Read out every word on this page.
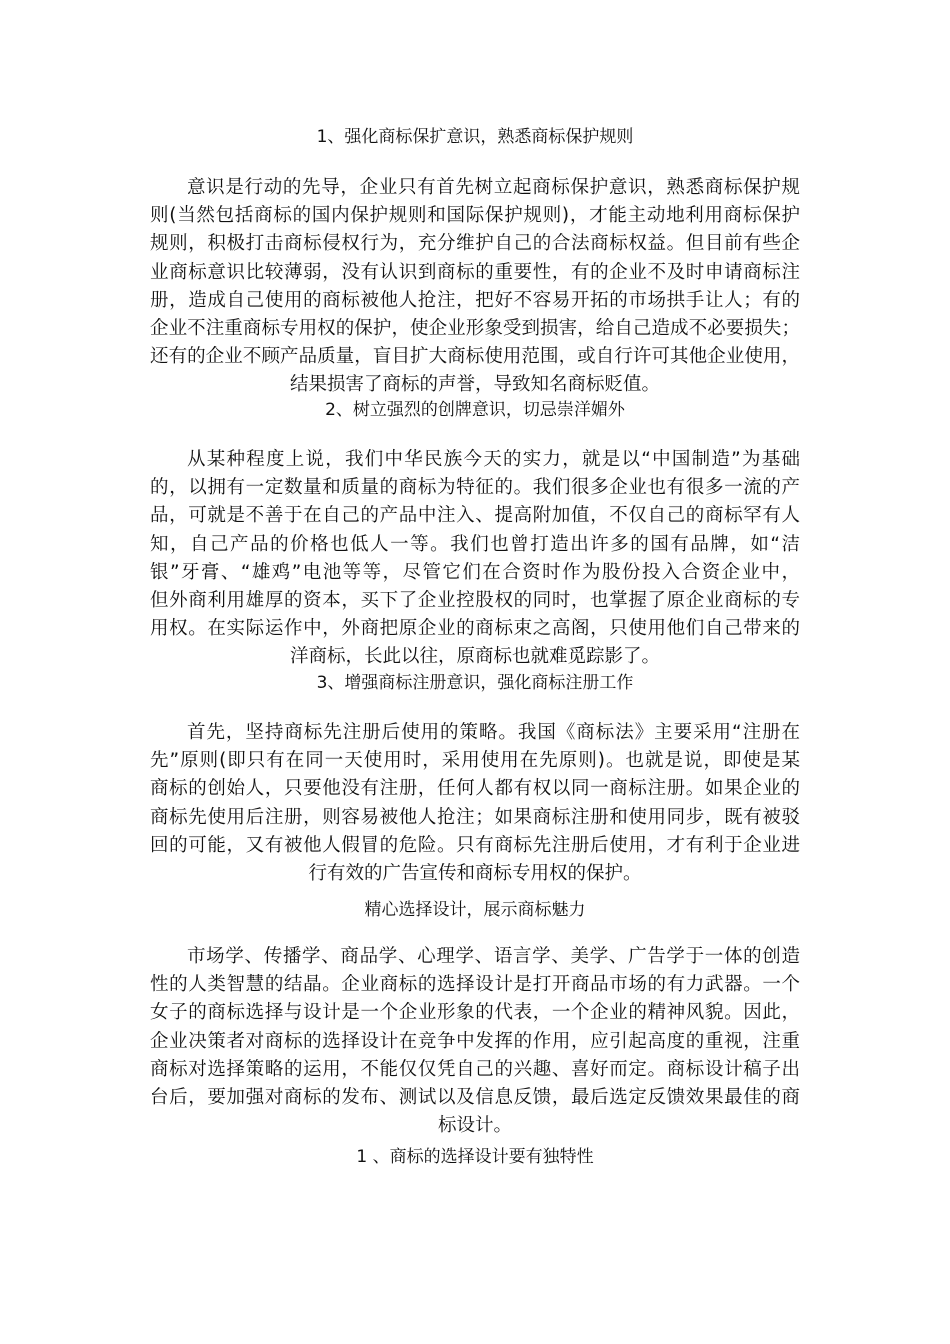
1、强化商标保扩意识，熟悉商标保护规则
意识是行动的先导，企业只有首先树立起商标保护意识，熟悉商标保护规
则(当然包括商标的国内保护规则和国际保护规则)，才能主动地利用商标保护
规则，积极打击商标侵权行为，充分维护自己的合法商标权益。但目前有些企
业商标意识比较薄弱，没有认识到商标的重要性，有的企业不及时申请商标注
册，造成自己使用的商标被他人抢注，把好不容易开拓的市场拱手让人；有的
企业不注重商标专用权的保护，使企业形象受到损害，给自己造成不必要损失；
还有的企业不顾产品质量，盲目扩大商标使用范围，或自行许可其他企业使用，
结果损害了商标的声誉，导致知名商标贬值。
2、树立强烈的创牌意识，切忌崇洋媚外
从某种程度上说，我们中华民族今天的实力，就是以“中国制造”为基础
的，以拥有一定数量和质量的商标为特征的。我们很多企业也有很多一流的产
品，可就是不善于在自己的产品中注入、提高附加值，不仅自己的商标罕有人
知，自己产品的价格也低人一等。我们也曾打造出许多的国有品牌，如“洁
银”牙膏、“雄鸡”电池等等，尽管它们在合资时作为股份投入合资企业中，
但外商利用雄厚的资本，买下了企业控股权的同时，也掌握了原企业商标的专
用权。在实际运作中，外商把原企业的商标束之高阁，只使用他们自己带来的
洋商标，长此以往，原商标也就难觅踪影了。
3、增强商标注册意识，强化商标注册工作
首先，坚持商标先注册后使用的策略。我国《商标法》主要采用“注册在
先”原则(即只有在同一天使用时，采用使用在先原则)。也就是说，即使是某
商标的创始人，只要他没有注册，任何人都有权以同一商标注册。如果企业的
商标先使用后注册，则容易被他人抢注；如果商标注册和使用同步，既有被驳
回的可能，又有被他人假冒的危险。只有商标先注册后使用，才有利于企业进
行有效的广告宣传和商标专用权的保护。
精心选择设计，展示商标魅力
市场学、传播学、商品学、心理学、语言学、美学、广告学于一体的创造
性的人类智慧的结晶。企业商标的选择设计是打开商品市场的有力武器。一个
女子的商标选择与设计是一个企业形象的代表，一个企业的精神风貌。因此，
企业决策者对商标的选择设计在竞争中发挥的作用，应引起高度的重视，注重
商标对选择策略的运用，不能仅仅凭自己的兴趣、喜好而定。商标设计稿子出
台后，要加强对商标的发布、测试以及信息反馈，最后选定反馈效果最佳的商
标设计。
1 、商标的选择设计要有独特性
